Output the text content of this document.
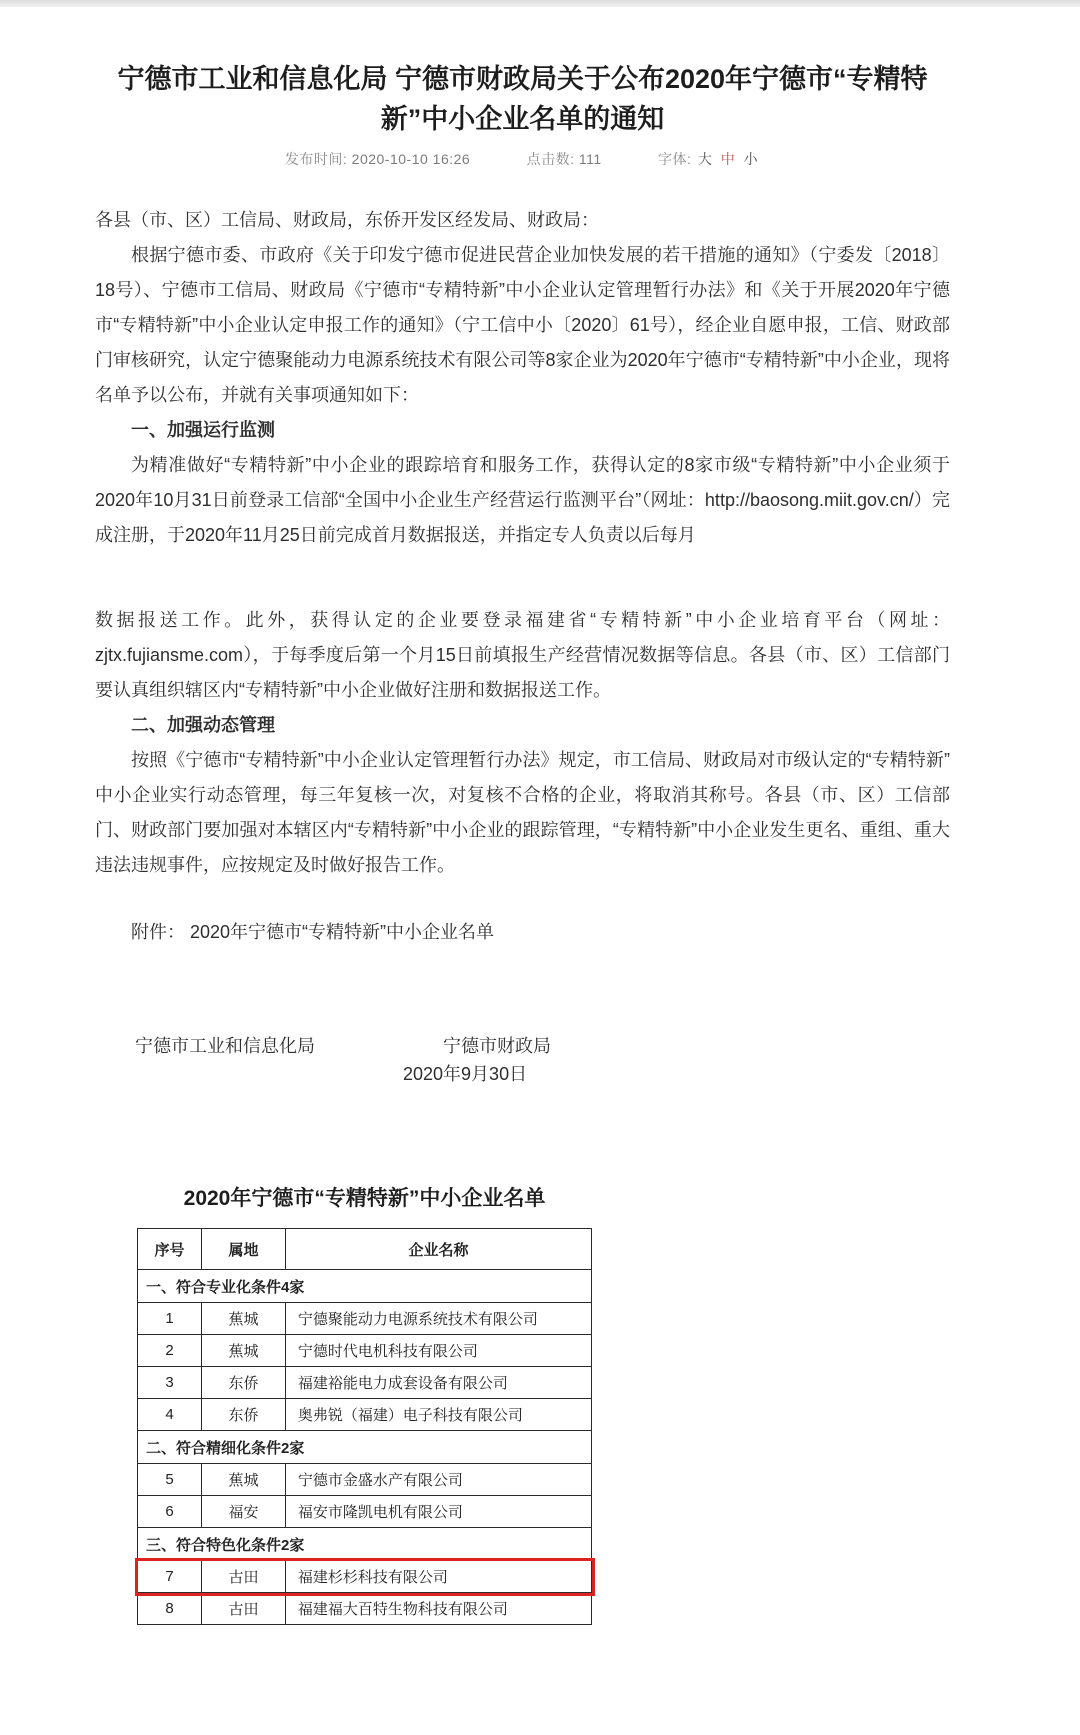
宁德市工业和信息化局 宁德市财政局关于公布2020年宁德市“专精特新”中小企业名单的通知
发布时间: 2020-10-10 16:26	点击数: 111	字体: 大 中 小

各县（市、区）工信局、财政局，东侨开发区经发局、财政局：

根据宁德市委、市政府《关于印发宁德市促进民营企业加快发展的若干措施的通知》（宁委发〔2018〕18号）、宁德市工信局、财政局《宁德市“专精特新”中小企业认定管理暂行办法》和《关于开展2020年宁德市“专精特新”中小企业认定申报工作的通知》（宁工信中小〔2020〕61号），经企业自愿申报，工信、财政部门审核研究，认定宁德聚能动力电源系统技术有限公司等8家企业为2020年宁德市“专精特新”中小企业，现将名单予以公布，并就有关事项通知如下：

一、加强运行监测

为精准做好“专精特新”中小企业的跟踪培育和服务工作，获得认定的8家市级“专精特新”中小企业须于2020年10月31日前登录工信部“全国中小企业生产经营运行监测平台”（网址：http://baosong.miit.gov.cn/）完成注册，于2020年11月25日前完成首月数据报送，并指定专人负责以后每月

数据报送工作。此外，获得认定的企业要登录福建省“专精特新”中小企业培育平台（网址：zjtx.fujiansme.com），于每季度后第一个月15日前填报生产经营情况数据等信息。各县（市、区）工信部门要认真组织辖区内“专精特新”中小企业做好注册和数据报送工作。

二、加强动态管理

按照《宁德市“专精特新”中小企业认定管理暂行办法》规定，市工信局、财政局对市级认定的“专精特新”中小企业实行动态管理，每三年复核一次，对复核不合格的企业，将取消其称号。各县（市、区）工信部门、财政部门要加强对本辖区内“专精特新”中小企业的跟踪管理，“专精特新”中小企业发生更名、重组、重大违法违规事件，应按规定及时做好报告工作。

附件： 2020年宁德市“专精特新”中小企业名单

宁德市工业和信息化局	宁德市财政局
2020年9月30日
2020年宁德市“专精特新”中小企业名单
序号	属地	企业名称
一、符合专业化条件4家		
1	蕉城	宁德聚能动力电源系统技术有限公司
2	蕉城	宁德时代电机科技有限公司
3	东侨	福建裕能电力成套设备有限公司
4	东侨	奥弗锐（福建）电子科技有限公司
二、符合精细化条件2家		
5	蕉城	宁德市金盛水产有限公司
6	福安	福安市隆凯电机有限公司
三、符合特色化条件2家		
7	古田	福建杉杉科技有限公司
8	古田	福建福大百特生物科技有限公司
